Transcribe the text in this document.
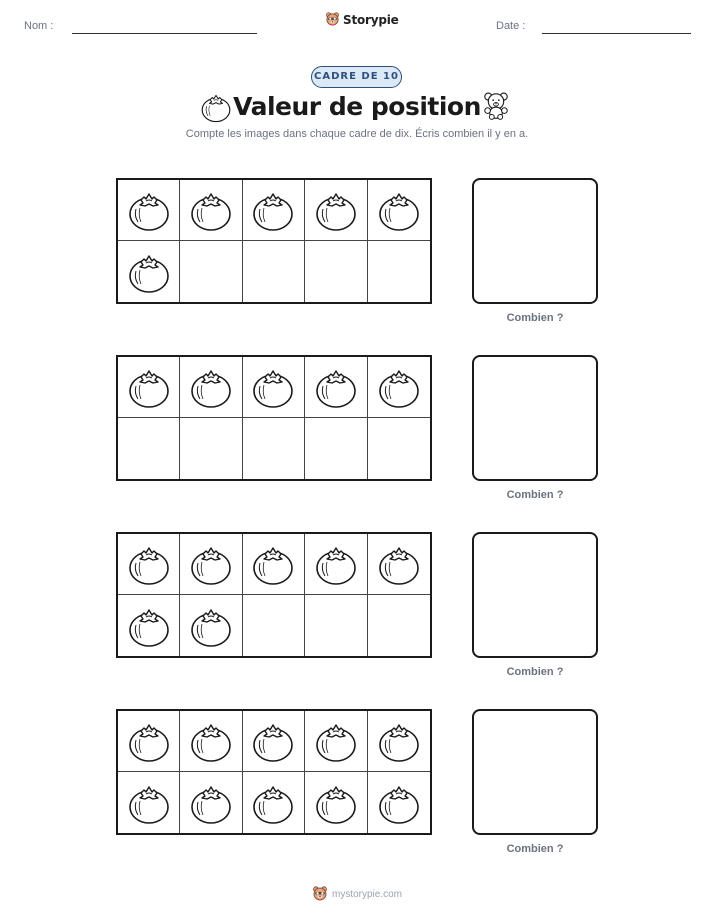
Nom :	Storypie	Date :
CADRE DE 10
Valeur de position
Compte les images dans chaque cadre de dix. Écris combien il y en a.
Combien ?
Combien ?
Combien ?
Combien ?
mystorypie.com
